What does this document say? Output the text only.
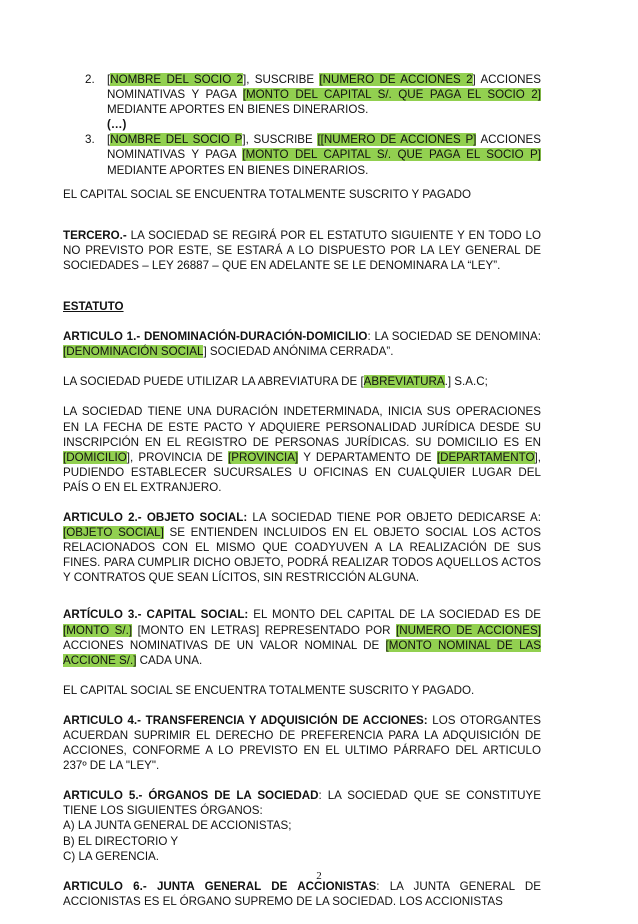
2. [NOMBRE DEL SOCIO 2], SUSCRIBE [NUMERO DE ACCIONES 2] ACCIONES NOMINATIVAS Y PAGA [MONTO DEL CAPITAL S/. QUE PAGA EL SOCIO 2] MEDIANTE APORTES EN BIENES DINERARIOS.
(…)
3. [NOMBRE DEL SOCIO P], SUSCRIBE [[NUMERO DE ACCIONES P] ACCIONES NOMINATIVAS Y PAGA [MONTO DEL CAPITAL S/. QUE PAGA EL SOCIO P] MEDIANTE APORTES EN BIENES DINERARIOS.

EL CAPITAL SOCIAL SE ENCUENTRA TOTALMENTE SUSCRITO Y PAGADO

TERCERO.- LA SOCIEDAD SE REGIRÁ POR EL ESTATUTO SIGUIENTE Y EN TODO LO NO PREVISTO POR ESTE, SE ESTARÁ A LO DISPUESTO POR LA LEY GENERAL DE SOCIEDADES – LEY 26887 – QUE EN ADELANTE SE LE DENOMINARA LA “LEY”.

ESTATUTO

ARTICULO 1.- DENOMINACIÓN-DURACIÓN-DOMICILIO: LA SOCIEDAD SE DENOMINA: [DENOMINACIÓN SOCIAL] SOCIEDAD ANÓNIMA CERRADA”.

LA SOCIEDAD PUEDE UTILIZAR LA ABREVIATURA DE [ABREVIATURA.] S.A.C;

LA SOCIEDAD TIENE UNA DURACIÓN INDETERMINADA, INICIA SUS OPERACIONES EN LA FECHA DE ESTE PACTO Y ADQUIERE PERSONALIDAD JURÍDICA DESDE SU INSCRIPCIÓN EN EL REGISTRO DE PERSONAS JURÍDICAS. SU DOMICILIO ES EN [DOMICILIO], PROVINCIA DE [PROVINCIA] Y DEPARTAMENTO DE [DEPARTAMENTO], PUDIENDO ESTABLECER SUCURSALES U OFICINAS EN CUALQUIER LUGAR DEL PAÍS O EN EL EXTRANJERO.

ARTICULO 2.- OBJETO SOCIAL: LA SOCIEDAD TIENE POR OBJETO DEDICARSE A: [OBJETO SOCIAL] SE ENTIENDEN INCLUIDOS EN EL OBJETO SOCIAL LOS ACTOS RELACIONADOS CON EL MISMO QUE COADYUVEN A LA REALIZACIÓN DE SUS FINES. PARA CUMPLIR DICHO OBJETO, PODRÁ REALIZAR TODOS AQUELLOS ACTOS Y CONTRATOS QUE SEAN LÍCITOS, SIN RESTRICCIÓN ALGUNA.

ARTÍCULO 3.- CAPITAL SOCIAL: EL MONTO DEL CAPITAL DE LA SOCIEDAD ES DE [MONTO S/.] [MONTO EN LETRAS] REPRESENTADO POR [NUMERO DE ACCIONES] ACCIONES NOMINATIVAS DE UN VALOR NOMINAL DE [MONTO NOMINAL DE LAS ACCIONE S/.] CADA UNA.

EL CAPITAL SOCIAL SE ENCUENTRA TOTALMENTE SUSCRITO Y PAGADO.

ARTICULO 4.- TRANSFERENCIA Y ADQUISICIÓN DE ACCIONES: LOS OTORGANTES ACUERDAN SUPRIMIR EL DERECHO DE PREFERENCIA PARA LA ADQUISICIÓN DE ACCIONES, CONFORME A LO PREVISTO EN EL ULTIMO PÁRRAFO DEL ARTICULO 237º DE LA "LEY".

ARTICULO 5.- ÓRGANOS DE LA SOCIEDAD: LA SOCIEDAD QUE SE CONSTITUYE TIENE LOS SIGUIENTES ÓRGANOS:
A) LA JUNTA GENERAL DE ACCIONISTAS;
B) EL DIRECTORIO Y
C) LA GERENCIA.

ARTICULO 6.- JUNTA GENERAL DE ACCIONISTAS: LA JUNTA GENERAL DE ACCIONISTAS ES EL ÓRGANO SUPREMO DE LA SOCIEDAD. LOS ACCIONISTAS

2
